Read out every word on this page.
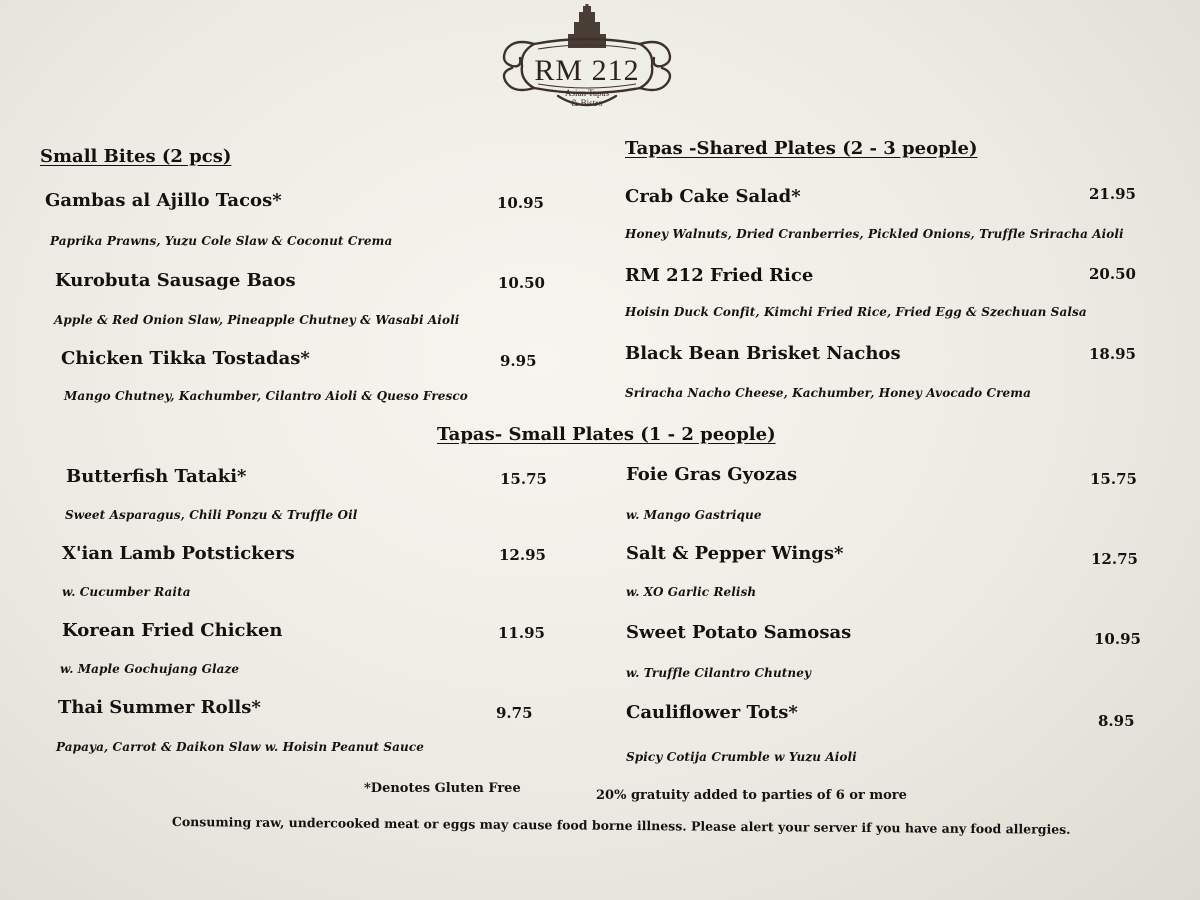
RM 212
Asian Tapas
& Bistro
Small Bites (2 pcs)
Gambas al Ajillo Tacos*	10.95
Paprika Prawns, Yuzu Cole Slaw & Coconut Crema
Kurobuta Sausage Baos	10.50
Apple & Red Onion Slaw, Pineapple Chutney & Wasabi Aioli
Chicken Tikka Tostadas*	9.95
Mango Chutney, Kachumber, Cilantro Aioli & Queso Fresco
Tapas -Shared Plates (2 - 3 people)
Crab Cake Salad*	21.95
Honey Walnuts, Dried Cranberries, Pickled Onions, Truffle Sriracha Aioli
RM 212 Fried Rice	20.50
Hoisin Duck Confit, Kimchi Fried Rice, Fried Egg & Szechuan Salsa
Black Bean Brisket Nachos	18.95
Sriracha Nacho Cheese, Kachumber, Honey Avocado Crema
Tapas- Small Plates (1 - 2 people)
Butterfish Tataki*	15.75
Sweet Asparagus, Chili Ponzu & Truffle Oil
X'ian Lamb Potstickers	12.95
w. Cucumber Raita
Korean Fried Chicken	11.95
w. Maple Gochujang Glaze
Thai Summer Rolls*	9.75
Papaya, Carrot & Daikon Slaw w. Hoisin Peanut Sauce
Foie Gras Gyozas	15.75
w. Mango Gastrique
Salt & Pepper Wings*	12.75
w. XO Garlic Relish
Sweet Potato Samosas	10.95
w. Truffle Cilantro Chutney
Cauliflower Tots*	8.95
Spicy Cotija Crumble w Yuzu Aioli
*Denotes Gluten Free	20% gratuity added to parties of 6 or more
Consuming raw, undercooked meat or eggs may cause food borne illness. Please alert your server if you have any food allergies.
